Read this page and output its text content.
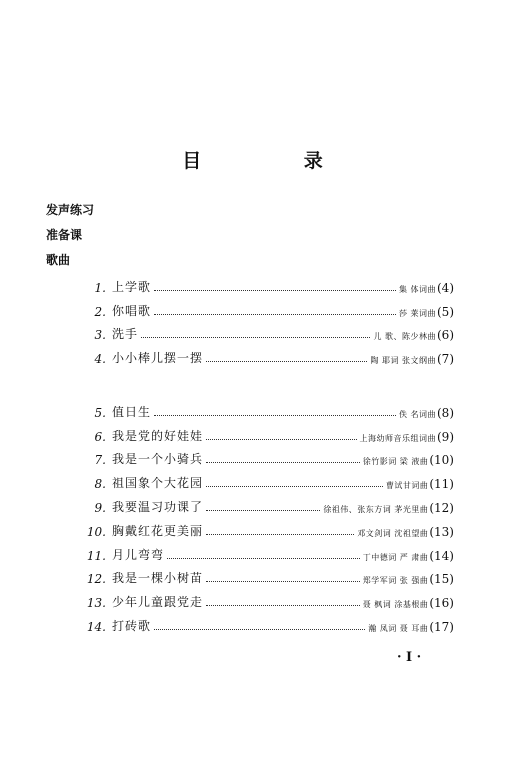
目 录
发声练习
准备课
歌曲
1. 上学歌	集 体词曲 (4)
2. 你唱歌	莎 莱词曲 (5)
3. 洗手	儿 歌、陈少林曲 (6)
4. 小小棒儿摆一摆	陶 耶词 张文纲曲 (7)
5. 值日生	佚 名词曲 (8)
6. 我是党的好娃娃	上海幼师音乐组词曲 (9)
7. 我是一个小骑兵	徐竹影词 梁 液曲 (10)
8. 祖国象个大花园	曹试甘词曲 (11)
9. 我要温习功课了	徐祖伟、张东方词 茅光里曲 (12)
10. 胸戴红花更美丽	邓文剑词 沈祖望曲 (13)
11. 月儿弯弯	丁中德词 严 肃曲 (14)
12. 我是一棵小树苗	郑学军词 张 强曲 (15)
13. 少年儿童跟党走	聂 枫词 涂基根曲 (16)
14. 打砖歌	瀚 凤词 聂 耳曲 (17)
· I ·
